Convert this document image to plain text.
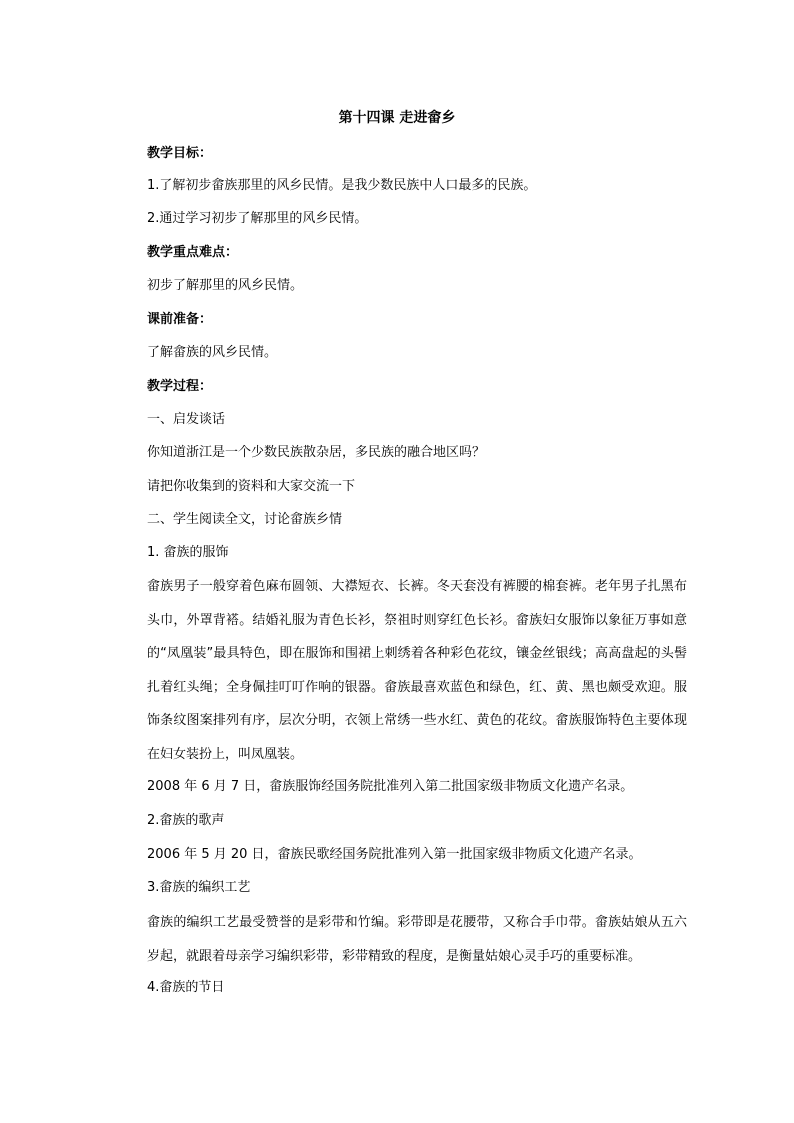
第十四课 走进畲乡
教学目标：
1.了解初步畲族那里的风乡民情。是我少数民族中人口最多的民族。
2.通过学习初步了解那里的风乡民情。
教学重点难点：
初步了解那里的风乡民情。
课前准备：
了解畲族的风乡民情。
教学过程：
一、启发谈话
你知道浙江是一个少数民族散杂居，多民族的融合地区吗？
请把你收集到的资料和大家交流一下
二、学生阅读全文，讨论畲族乡情
1. 畲族的服饰
畲族男子一般穿着色麻布圆领、大襟短衣、长裤。冬天套没有裤腰的棉套裤。老年男子扎黑布头巾，外罩背褡。结婚礼服为青色长衫，祭祖时则穿红色长衫。畲族妇女服饰以象征万事如意的“凤凰装”最具特色，即在服饰和围裙上刺绣着各种彩色花纹，镶金丝银线；高高盘起的头髻扎着红头绳；全身佩挂叮叮作响的银器。畲族最喜欢蓝色和绿色，红、黄、黑也颇受欢迎。服饰条纹图案排列有序，层次分明，衣领上常绣一些水红、黄色的花纹。畲族服饰特色主要体现在妇女装扮上，叫凤凰装。
2008 年 6 月 7 日，畲族服饰经国务院批准列入第二批国家级非物质文化遗产名录。
2.畲族的歌声
2006 年 5 月 20 日，畲族民歌经国务院批准列入第一批国家级非物质文化遗产名录。
3.畲族的编织工艺
畲族的编织工艺最受赞誉的是彩带和竹编。彩带即是花腰带，又称合手巾带。畲族姑娘从五六岁起，就跟着母亲学习编织彩带，彩带精致的程度，是衡量姑娘心灵手巧的重要标准。
4.畲族的节日
